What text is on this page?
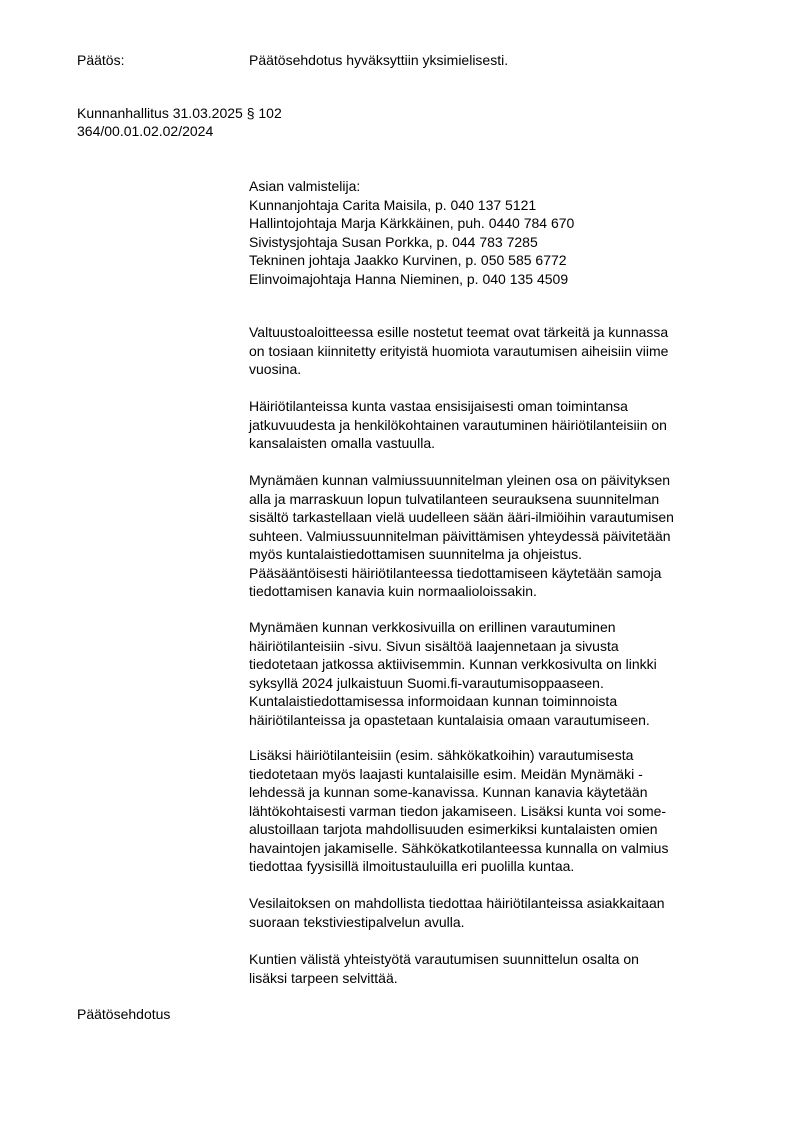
Päätös:	Päätösehdotus hyväksyttiin yksimielisesti.
Kunnanhallitus 31.03.2025 § 102
364/00.01.02.02/2024

Asian valmistelija:

Kunnanjohtaja Carita Maisila, p. 040 137 5121
Hallintojohtaja Marja Kärkkäinen, puh. 0440 784 670
Sivistysjohtaja Susan Porkka, p. 044 783 7285
Tekninen johtaja Jaakko Kurvinen, p. 050 585 6772
Elinvoimajohtaja Hanna Nieminen, p. 040 135 4509

Valtuustoaloitteessa esille nostetut teemat ovat tärkeitä ja kunnassa
on tosiaan kiinnitetty erityistä huomiota varautumisen aiheisiin viime
vuosina.

Häiriötilanteissa kunta vastaa ensisijaisesti oman toimintansa
jatkuvuudesta ja henkilökohtainen varautuminen häiriötilanteisiin on
kansalaisten omalla vastuulla.

Mynämäen kunnan valmiussuunnitelman yleinen osa on päivityksen
alla ja marraskuun lopun tulvatilanteen seurauksena suunnitelman
sisältö tarkastellaan vielä uudelleen sään ääri-ilmiöihin varautumisen
suhteen. Valmiussuunnitelman päivittämisen yhteydessä päivitetään
myös kuntalaistiedottamisen suunnitelma ja ohjeistus.
Pääsääntöisesti häiriötilanteessa tiedottamiseen käytetään samoja
tiedottamisen kanavia kuin normaalioloissakin.

Mynämäen kunnan verkkosivuilla on erillinen varautuminen
häiriötilanteisiin -sivu. Sivun sisältöä laajennetaan ja sivusta
tiedotetaan jatkossa aktiivisemmin. Kunnan verkkosivulta on linkki
syksyllä 2024 julkaistuun Suomi.fi-varautumisoppaaseen.
Kuntalaistiedottamisessa informoidaan kunnan toiminnoista
häiriötilanteissa ja opastetaan kuntalaisia omaan varautumiseen.

Lisäksi häiriötilanteisiin (esim. sähkökatkoihin) varautumisesta
tiedotetaan myös laajasti kuntalaisille esim. Meidän Mynämäki -
lehdessä ja kunnan some-kanavissa. Kunnan kanavia käytetään
lähtökohtaisesti varman tiedon jakamiseen. Lisäksi kunta voi some-
alustoillaan tarjota mahdollisuuden esimerkiksi kuntalaisten omien
havaintojen jakamiselle. Sähkökatkotilanteessa kunnalla on valmius
tiedottaa fyysisillä ilmoitustauluilla eri puolilla kuntaa.

Vesilaitoksen on mahdollista tiedottaa häiriötilanteissa asiakkaitaan
suoraan tekstiviestipalvelun avulla.

Kuntien välistä yhteistyötä varautumisen suunnittelun osalta on
lisäksi tarpeen selvittää.

Päätösehdotus
